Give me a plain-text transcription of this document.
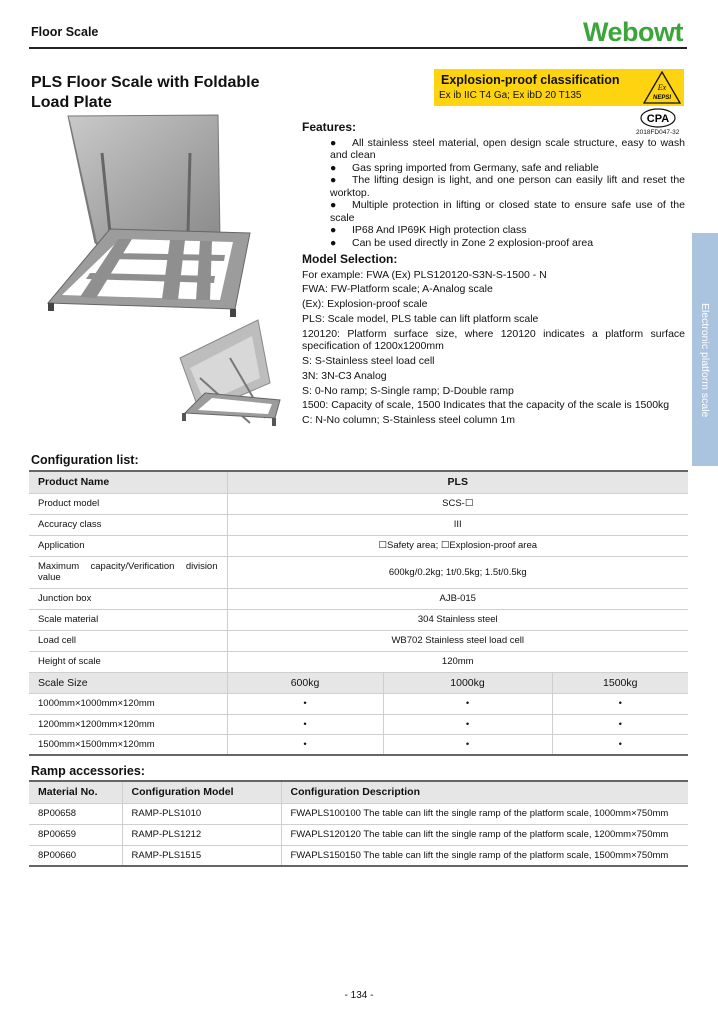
Floor Scale	Webowt
PLS Floor Scale with Foldable
Load Plate
Explosion-proof classification
Ex ib IIC T4 Ga; Ex ibD 20 T135
Ex
NEPSI
CPA
2018FD047-32
Features:
● All stainless steel material, open design scale structure, easy to wash and clean
● Gas spring imported from Germany, safe and reliable
● The lifting design is light, and one person can easily lift and reset the worktop.
● Multiple protection in lifting or closed state to ensure safe use of the scale
● IP68 And IP69K High protection class
● Can be used directly in Zone 2 explosion-proof area
Model Selection:

For example: FWA (Ex) PLS120120-S3N-S-1500 - N

FWA: FW-Platform scale; A-Analog scale

(Ex): Explosion-proof scale

PLS: Scale model, PLS table can lift platform scale

120120: Platform surface size, where 120120 indicates a platform surface specification of 1200x1200mm

S: S-Stainless steel load cell

3N: 3N-C3 Analog

S: 0-No ramp; S-Single ramp; D-Double ramp

1500: Capacity of scale, 1500 Indicates that the capacity of the scale is 1500kg

C: N-No column; S-Stainless steel column 1m

Electronic platform scale
Configuration list:
Product Name	PLS		
Product model	SCS-☐		
Accuracy class	III		
Application	☐Safety area; ☐Explosion-proof area		
Maximum capacity/Verification division value	600kg/0.2kg; 1t/0.5kg; 1.5t/0.5kg		
Junction box	AJB-015		
Scale material	304 Stainless steel		
Load cell	WB702 Stainless steel load cell		
Height of scale	120mm		
Scale Size	600kg	1000kg	1500kg
1000mm×1000mm×120mm	•	•	•
1200mm×1200mm×120mm	•	•	•
1500mm×1500mm×120mm	•	•	•
Ramp accessories:
Material No.	Configuration Model	Configuration Description
8P00658	RAMP-PLS1010	FWAPLS100100 The table can lift the single ramp of the platform scale, 1000mm×750mm
8P00659	RAMP-PLS1212	FWAPLS120120 The table can lift the single ramp of the platform scale, 1200mm×750mm
8P00660	RAMP-PLS1515	FWAPLS150150 The table can lift the single ramp of the platform scale, 1500mm×750mm
- 134 -
